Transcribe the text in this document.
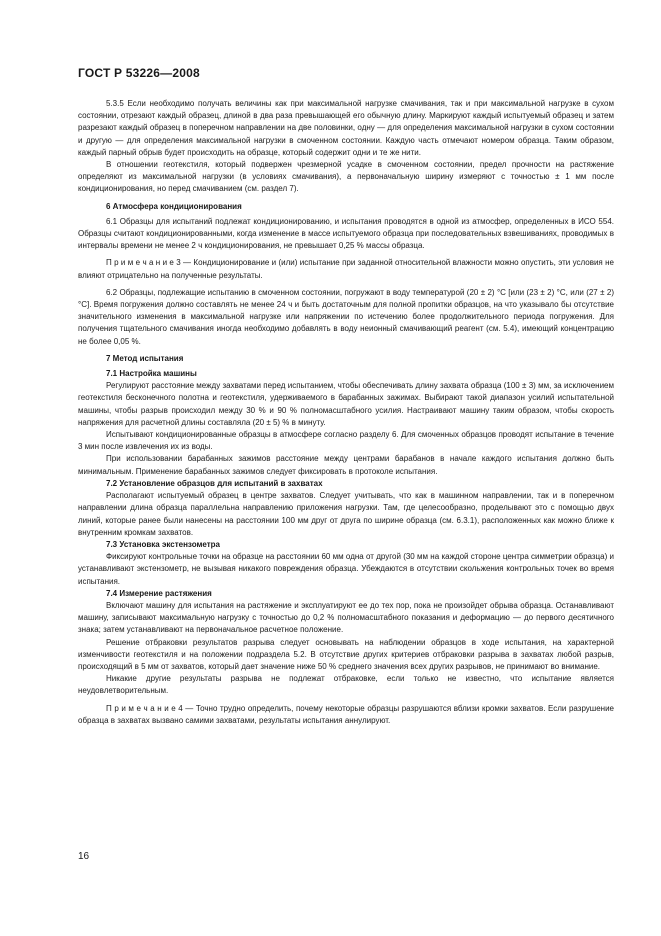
ГОСТ Р 53226—2008

5.3.5 Если необходимо получать величины как при максимальной нагрузке смачивания, так и при максимальной нагрузке в сухом состоянии, отрезают каждый образец, длиной в два раза превышающей его обычную длину. Маркируют каждый испытуемый образец и затем разрезают каждый образец в поперечном направлении на две половинки, одну — для определения максимальной нагрузки в сухом состоянии и другую — для определения максимальной нагрузки в смоченном состоянии. Каждую часть отмечают номером образца. Таким образом, каждый парный обрыв будет происходить на образце, который содержит одни и те же нити.

В отношении геотекстиля, который подвержен чрезмерной усадке в смоченном состоянии, предел прочности на растяжение определяют из максимальной нагрузки (в условиях смачивания), а первоначальную ширину измеряют с точностью ± 1 мм после кондиционирования, но перед смачиванием (см. раздел 7).

6 Атмосфера кондиционирования

6.1 Образцы для испытаний подлежат кондиционированию, и испытания проводятся в одной из атмосфер, определенных в ИСО 554. Образцы считают кондиционированными, когда изменение в массе испытуемого образца при последовательных взвешиваниях, проводимых в интервалы времени не менее 2 ч кондиционирования, не превышает 0,25 % массы образца.

П р и м е ч а н и е 3 — Кондиционирование и (или) испытание при заданной относительной влажности можно опустить, эти условия не влияют отрицательно на полученные результаты.

6.2 Образцы, подлежащие испытанию в смоченном состоянии, погружают в воду температурой (20 ± 2) °С [или (23 ± 2) °С, или (27 ± 2) °С]. Время погружения должно составлять не менее 24 ч и быть достаточным для полной пропитки образцов, на что указывало бы отсутствие значительного изменения в максимальной нагрузке или напряжении по истечению более продолжительного периода погружения. Для получения тщательного смачивания иногда необходимо добавлять в воду неионный смачивающий реагент (см. 5.4), имеющий концентрацию не более 0,05 %.

7 Метод испытания
7.1 Настройка машины

Регулируют расстояние между захватами перед испытанием, чтобы обеспечивать длину захвата образца (100 ± 3) мм, за исключением геотекстиля бесконечного полотна и геотекстиля, удерживаемого в барабанных зажимах. Выбирают такой диапазон усилий испытательной машины, чтобы разрыв происходил между 30 % и 90 % полномасштабного усилия. Настраивают машину таким образом, чтобы скорость напряжения для расчетной длины составляла (20 ± 5) % в минуту.

Испытывают кондиционированные образцы в атмосфере согласно разделу 6. Для смоченных образцов проводят испытание в течение 3 мин после извлечения их из воды.

При использовании барабанных зажимов расстояние между центрами барабанов в начале каждого испытания должно быть минимальным. Применение барабанных зажимов следует фиксировать в протоколе испытания.

7.2 Установление образцов для испытаний в захватах

Располагают испытуемый образец в центре захватов. Следует учитывать, что как в машинном направлении, так и в поперечном направлении длина образца параллельна направлению приложения нагрузки. Там, где целесообразно, проделывают это с помощью двух линий, которые ранее были нанесены на расстоянии 100 мм друг от друга по ширине образца (см. 6.3.1), расположенных как можно ближе к внутренним кромкам захватов.

7.3 Установка экстензометра

Фиксируют контрольные точки на образце на расстоянии 60 мм одна от другой (30 мм на каждой стороне центра симметрии образца) и устанавливают экстензометр, не вызывая никакого повреждения образца. Убеждаются в отсутствии скольжения контрольных точек во время испытания.

7.4 Измерение растяжения

Включают машину для испытания на растяжение и эксплуатируют ее до тех пор, пока не произойдет обрыва образца. Останавливают машину, записывают максимальную нагрузку с точностью до 0,2 % полномасштабного показания и деформацию — до первого десятичного знака; затем устанавливают на первоначальное расчетное положение.

Решение отбраковки результатов разрыва следует основывать на наблюдении образцов в ходе испытания, на характерной изменчивости геотекстиля и на положении подраздела 5.2. В отсутствие других критериев отбраковки разрыва в захватах любой разрыв, происходящий в 5 мм от захватов, который дает значение ниже 50 % среднего значения всех других разрывов, не принимают во внимание.

Никакие другие результаты разрыва не подлежат отбраковке, если только не известно, что испытание является неудовлетворительным.

П р и м е ч а н и е 4 — Точно трудно определить, почему некоторые образцы разрушаются вблизи кромки захватов. Если разрушение образца в захватах вызвано самими захватами, результаты испытания аннулируют.

16
